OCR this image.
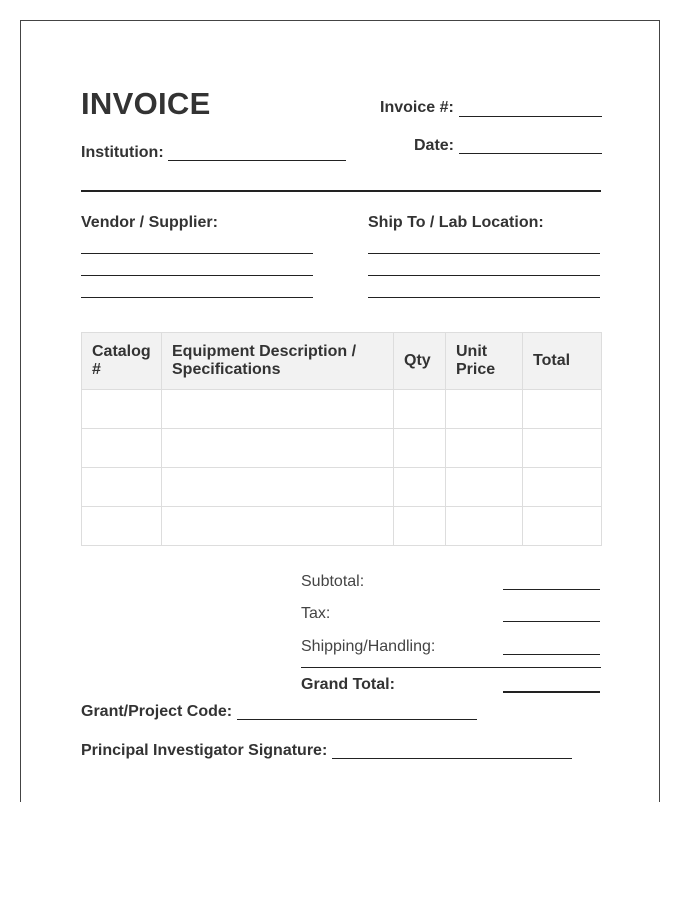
INVOICE	Invoice #:
Date:
Institution:
Vendor / Supplier:	Ship To / Lab Location:
Catalog #	Equipment Description / Specifications	Qty	Unit Price	Total

Subtotal:
Tax:
Shipping/Handling:
Grand Total:
Grant/Project Code:
Principal Investigator Signature:
